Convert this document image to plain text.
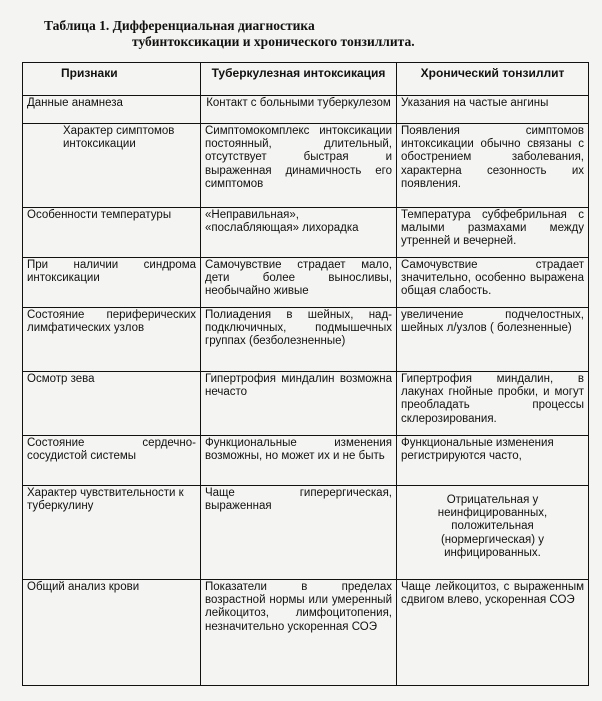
Таблица 1. Дифференциальная диагностика
тубинтоксикации и хронического тонзиллита.
Признаки	Туберкулезная интоксикация	Хронический тонзиллит
Данные анамнеза	Контакт с больными туберкулезом	Указания на частые ангины
Характер симптомов интоксикации	Симптомокомплекс интоксикации постоянный, длительный, отсутствует быстрая и выраженная динамичность его симптомов	Появления симптомов интоксикации обычно связаны с обострением заболевания, характерна сезонность их появления.
Особенности температуры	«Неправильная», «послабляющая» лихорадка	Температура субфебрильная с малыми размахами между утренней и вечерней.
При наличии синдрома интоксикации	Самочувствие страдает мало, дети более выносливы, необычайно живые	Самочувствие страдает значительно, особенно выражена общая слабость.
Состояние периферических лимфатических узлов	Полиадения в шейных, над-подключичных, подмышечных группах (безболезненные)	увеличение подчелостных, шейных л/узлов ( болезненные)
Осмотр зева	Гипертрофия миндалин возможна нечасто	Гипертрофия миндалин, в лакунах гнойные пробки, и могут преобладать процессы склерозирования.
Состояние сердечно-сосудистой системы	Функциональные изменения возможны, но может их и не быть	Функциональные изменения регистрируются часто,
Характер чувствительности к туберкулину	Чаще гиперергическая, выраженная	Отрицательная у неинфицированных, положительная (нормергическая) у инфицированных.
Общий анализ крови	Показатели в пределах возрастной нормы или умеренный лейкоцитоз, лимфоцитопения, незначительно ускоренная СОЭ	Чаще лейкоцитоз, с выраженным сдвигом влево, ускоренная СОЭ
